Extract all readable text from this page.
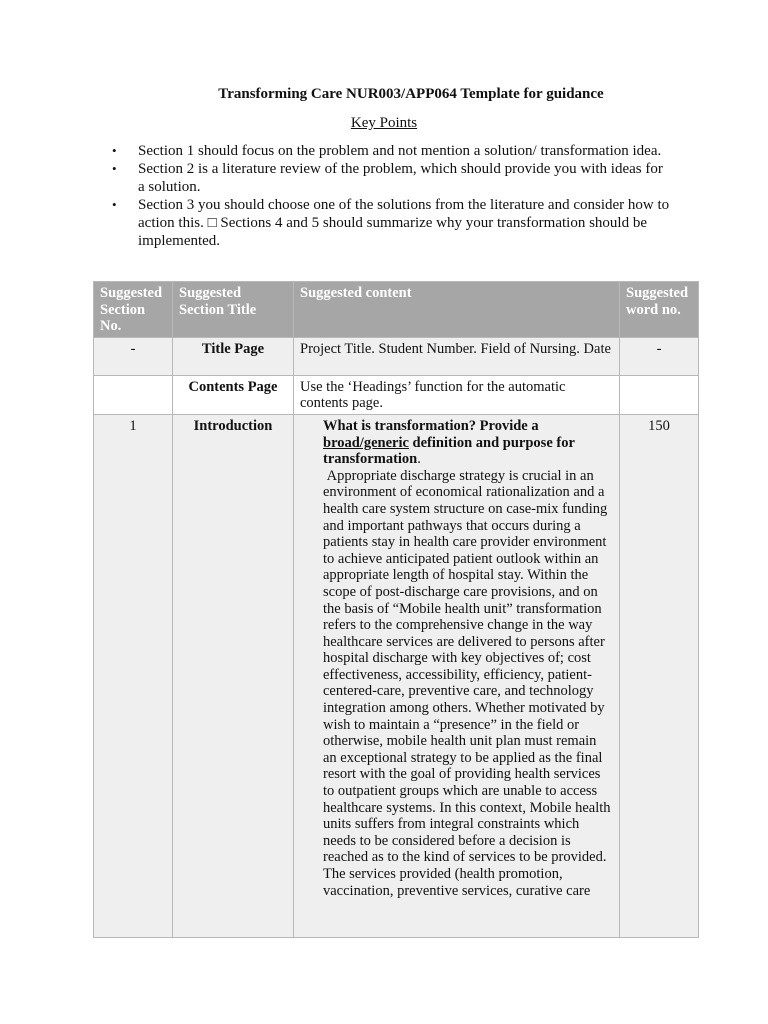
Transforming Care NUR003/APP064 Template for guidance
Key Points
• Section 1 should focus on the problem and not mention a solution/ transformation idea.
• Section 2 is a literature review of the problem, which should provide you with ideas for a solution.
• Section 3 you should choose one of the solutions from the literature and consider how to action this. □ Sections 4 and 5 should summarize why your transformation should be implemented.
Suggested Section No.	Suggested Section Title	Suggested content	Suggested word no.
-	Title Page	Project Title. Student Number. Field of Nursing. Date	-
	Contents Page	Use the ‘Headings’ function for the automatic contents page.	
1	Introduction	What is transformation? Provide a broad/generic definition and purpose for transformation.
Appropriate discharge strategy is crucial in an environment of economical rationalization and a health care system structure on case-mix funding and important pathways that occurs during a patients stay in health care provider environment to achieve anticipated patient outlook within an appropriate length of hospital stay. Within the scope of post-discharge care provisions, and on the basis of “Mobile health unit” transformation refers to the comprehensive change in the way healthcare services are delivered to persons after hospital discharge with key objectives of; cost effectiveness, accessibility, efficiency, patient-centered-care, preventive care, and technology integration among others. Whether motivated by wish to maintain a “presence” in the field or otherwise, mobile health unit plan must remain an exceptional strategy to be applied as the final resort with the goal of providing health services to outpatient groups which are unable to access healthcare systems. In this context, Mobile health units suffers from integral constraints which needs to be considered before a decision is reached as to the kind of services to be provided. The services provided (health promotion, vaccination, preventive services, curative care	150
